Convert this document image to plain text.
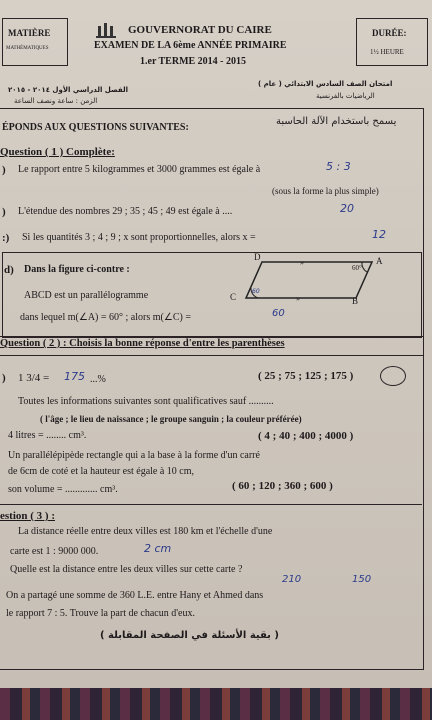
MATIÈRE
MATHÉMATIQUES
GOUVERNORAT DU CAIRE
EXAMEN DE LA 6ème ANNÉE PRIMAIRE
1.er TERME 2014 - 2015
DURÉE:
1½ HEURE
الفصل الدراسي الأول ٢٠١٤ - ٢٠١٥
الزمن : ساعة ونصف الساعة
امتحان الصف السادس الابتدائي ( عام )
الرياضيات بالفرنسية
ÉPONDS AUX QUESTIONS SUIVANTES:
يسمح باستخدام الآلة الحاسبة
Question ( 1 ) Complète:
) Le rapport entre 5 kilogrammes et 3000 grammes est égale à	5 : 3
(sous la forme la plus simple)
) L'étendue des nombres 29 ; 35 ; 45 ; 49 est égale à ....	20
:) Si les quantités 3 ; 4 ; 9 ; x sont proportionnelles, alors x =	12
d) Dans la figure ci-contre :
ABCD est un parallélogramme
dans lequel m(∠A) = 60° ; alors m(∠C) =	60
»
»
D	A
B
C
60°
60
Question ( 2 ) : Choisis la bonne réponse d'entre les parenthèses
) 1 3/4 = 175 ...%	( 25 ; 75 ; 125 ; 175 )
Toutes les informations suivantes sont qualificatives sauf ..........
( l'âge ; le lieu de naissance ; le groupe sanguin ; la couleur préférée)
4 litres = ........ cm³.	( 4 ; 40 ; 400 ; 4000 )
Un parallélépipède rectangle qui a la base à la forme d'un carré
de 6cm de coté et la hauteur est égale à 10 cm,
son volume = ............. cm³.	( 60 ; 120 ; 360 ; 600 )
estion ( 3 ) :
La distance réelle entre deux villes est 180 km et l'échelle d'une
carte est 1 : 9000 000.	2 cm
Quelle est la distance entre les deux villes sur cette carte ?
210	150
On a partagé une somme de 360 L.E. entre Hany et Ahmed dans
le rapport 7 : 5. Trouve la part de chacun d'eux.
( بقية الأسئلة في الصفحة المقابلة )
